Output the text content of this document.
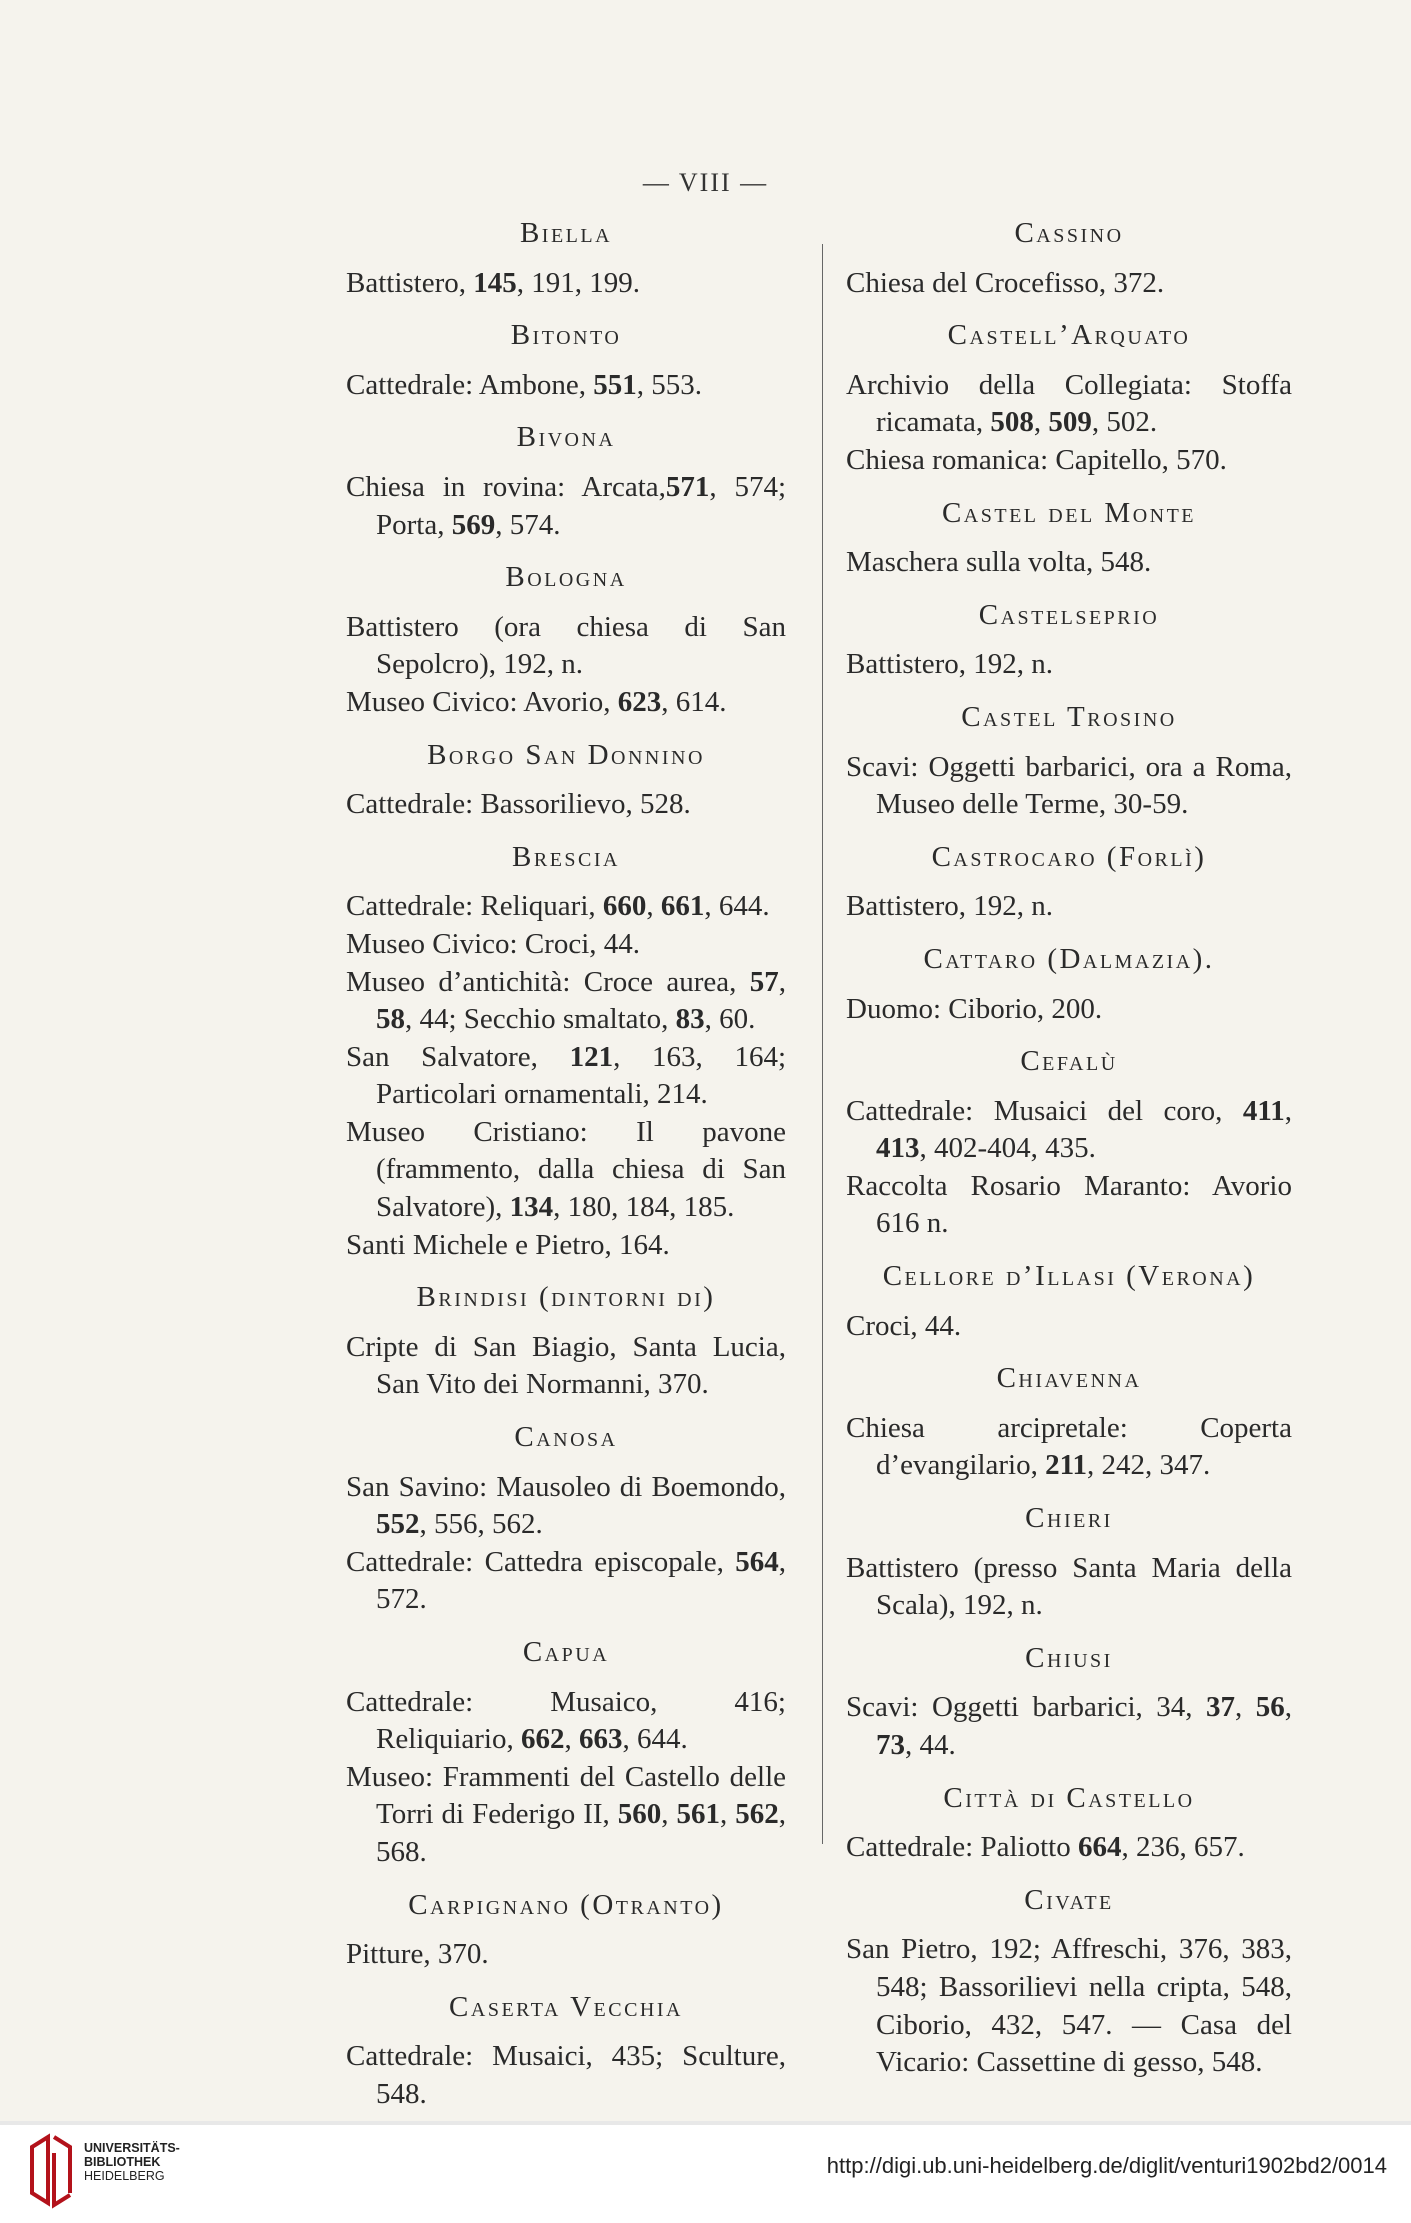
— VIII —
Biella
Battistero, 145, 191, 199.
Bitonto
Cattedrale: Ambone, 551, 553.
Bivona
Chiesa in rovina: Arcata,571, 574; Porta, 569, 574.
Bologna
Battistero (ora chiesa di San Sepolcro), 192, n.
Museo Civico: Avorio, 623, 614.
Borgo San Donnino
Cattedrale: Bassorilievo, 528.
Brescia
Cattedrale: Reliquari, 660, 661, 644.
Museo Civico: Croci, 44.
Museo d’antichità: Croce aurea, 57, 58, 44; Secchio smaltato, 83, 60.
San Salvatore, 121, 163, 164; Particolari ornamentali, 214.
Museo Cristiano: Il pavone (frammento, dalla chiesa di San Salvatore), 134, 180, 184, 185.
Santi Michele e Pietro, 164.
Brindisi (dintorni di)
Cripte di San Biagio, Santa Lucia, San Vito dei Normanni, 370.
Canosa
San Savino: Mausoleo di Boemondo, 552, 556, 562.
Cattedrale: Cattedra episcopale, 564, 572.
Capua
Cattedrale: Musaico, 416; Reliquiario, 662, 663, 644.
Museo: Frammenti del Castello delle Torri di Federigo II, 560, 561, 562, 568.
Carpignano (Otranto)
Pitture, 370.
Caserta Vecchia
Cattedrale: Musaici, 435; Sculture, 548.
Cassino
Chiesa del Crocefisso, 372.
Castell’Arquato
Archivio della Collegiata: Stoffa ricamata, 508, 509, 502.
Chiesa romanica: Capitello, 570.
Castel del Monte
Maschera sulla volta, 548.
Castelseprio
Battistero, 192, n.
Castel Trosino
Scavi: Oggetti barbarici, ora a Roma, Museo delle Terme, 30-59.
Castrocaro (Forlì)
Battistero, 192, n.
Cattaro (Dalmazia).
Duomo: Ciborio, 200.
Cefalù
Cattedrale: Musaici del coro, 411, 413, 402-404, 435.
Raccolta Rosario Maranto: Avorio 616 n.
Cellore d’Illasi (Verona)
Croci, 44.
Chiavenna
Chiesa arcipretale: Coperta d’evangilario, 211, 242, 347.
Chieri
Battistero (presso Santa Maria della Scala), 192, n.
Chiusi
Scavi: Oggetti barbarici, 34, 37, 56, 73, 44.
Città di Castello
Cattedrale: Paliotto 664, 236, 657.
Civate
San Pietro, 192; Affreschi, 376, 383, 548; Bassorilievi nella cripta, 548, Ciborio, 432, 547. — Casa del Vicario: Cassettine di gesso, 548.
UNIVERSITÄTS-
BIBLIOTHEK
HEIDELBERG	http://digi.ub.uni-heidelberg.de/diglit/venturi1902bd2/0014
